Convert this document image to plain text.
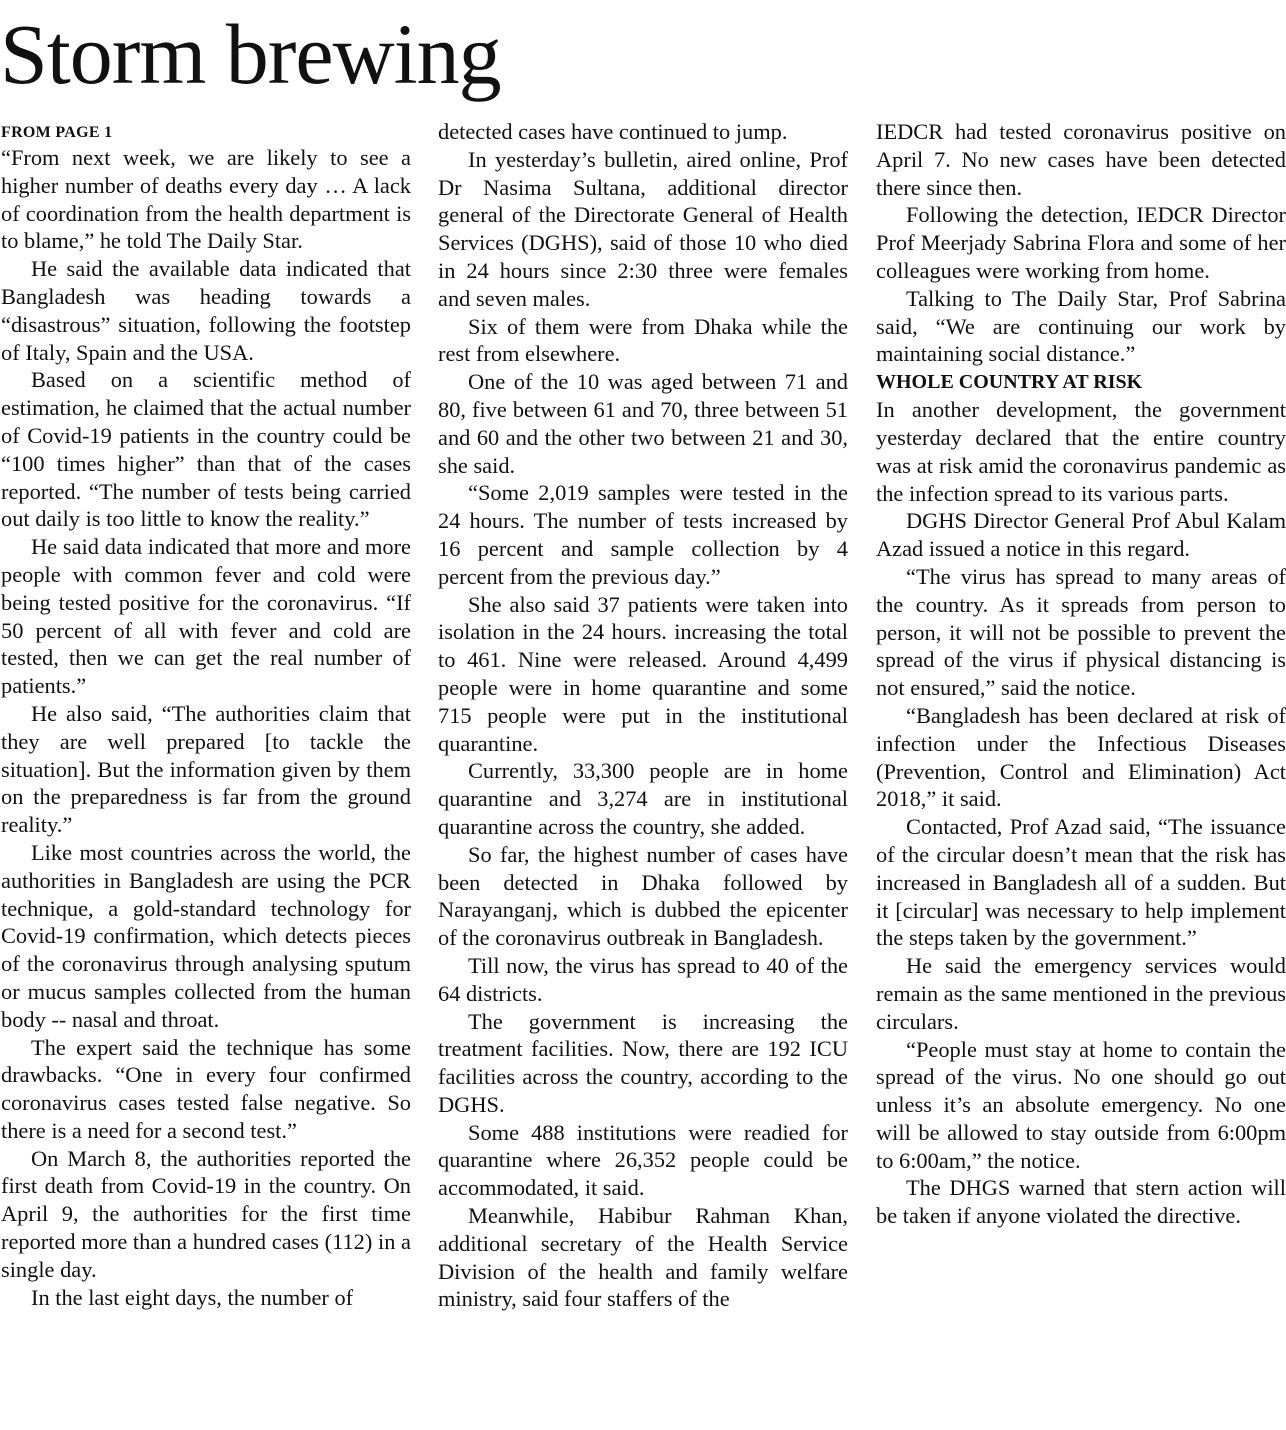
Storm brewing
FROM PAGE 1

“From next week, we are likely to see a higher number of deaths every day … A lack of coordination from the health department is to blame,” he told The Daily Star.

He said the available data indicated that Bangladesh was heading towards a “disastrous” situation, following the footstep of Italy, Spain and the USA.

Based on a scientific method of estimation, he claimed that the actual number of Covid-19 patients in the country could be “100 times higher” than that of the cases reported. “The number of tests being carried out daily is too little to know the reality.”

He said data indicated that more and more people with common fever and cold were being tested positive for the coronavirus. “If 50 percent of all with fever and cold are tested, then we can get the real number of patients.”

He also said, “The authorities claim that they are well prepared [to tackle the situation]. But the information given by them on the preparedness is far from the ground reality.”

Like most countries across the world, the authorities in Bangladesh are using the PCR technique, a gold-standard technology for Covid-19 confirmation, which detects pieces of the coronavirus through analysing sputum or mucus samples collected from the human body -- nasal and throat.

The expert said the technique has some drawbacks. “One in every four confirmed coronavirus cases tested false negative. So there is a need for a second test.”

On March 8, the authorities reported the first death from Covid-19 in the country. On April 9, the authorities for the first time reported more than a hundred cases (112) in a single day.

In the last eight days, the number of

detected cases have continued to jump.

In yesterday’s bulletin, aired online, Prof Dr Nasima Sultana, additional director general of the Directorate General of Health Services (DGHS), said of those 10 who died in 24 hours since 2:30 three were females and seven males.

Six of them were from Dhaka while the rest from elsewhere.

One of the 10 was aged between 71 and 80, five between 61 and 70, three between 51 and 60 and the other two between 21 and 30, she said.

“Some 2,019 samples were tested in the 24 hours. The number of tests increased by 16 percent and sample collection by 4 percent from the previous day.”

She also said 37 patients were taken into isolation in the 24 hours. increasing the total to 461. Nine were released. Around 4,499 people were in home quarantine and some 715 people were put in the institutional quarantine.

Currently, 33,300 people are in home quarantine and 3,274 are in institutional quarantine across the country, she added.

So far, the highest number of cases have been detected in Dhaka followed by Narayanganj, which is dubbed the epicenter of the coronavirus outbreak in Bangladesh.

Till now, the virus has spread to 40 of the 64 districts.

The government is increasing the treatment facilities. Now, there are 192 ICU facilities across the country, according to the DGHS.

Some 488 institutions were readied for quarantine where 26,352 people could be accommodated, it said.

Meanwhile, Habibur Rahman Khan, additional secretary of the Health Service Division of the health and family welfare ministry, said four staffers of the

IEDCR had tested coronavirus positive on April 7. No new cases have been detected there since then.

Following the detection, IEDCR Director Prof Meerjady Sabrina Flora and some of her colleagues were working from home.

Talking to The Daily Star, Prof Sabrina said, “We are continuing our work by maintaining social distance.”

WHOLE COUNTRY AT RISK

In another development, the government yesterday declared that the entire country was at risk amid the coronavirus pandemic as the infection spread to its various parts.

DGHS Director General Prof Abul Kalam Azad issued a notice in this regard.

“The virus has spread to many areas of the country. As it spreads from person to person, it will not be possible to prevent the spread of the virus if physical distancing is not ensured,” said the notice.

“Bangladesh has been declared at risk of infection under the Infectious Diseases (Prevention, Control and Elimination) Act 2018,” it said.

Contacted, Prof Azad said, “The issuance of the circular doesn’t mean that the risk has increased in Bangladesh all of a sudden. But it [circular] was necessary to help implement the steps taken by the government.”

He said the emergency services would remain as the same mentioned in the previous circulars.

“People must stay at home to contain the spread of the virus. No one should go out unless it’s an absolute emergency. No one will be allowed to stay outside from 6:00pm to 6:00am,” the notice.

The DHGS warned that stern action will be taken if anyone violated the directive.
